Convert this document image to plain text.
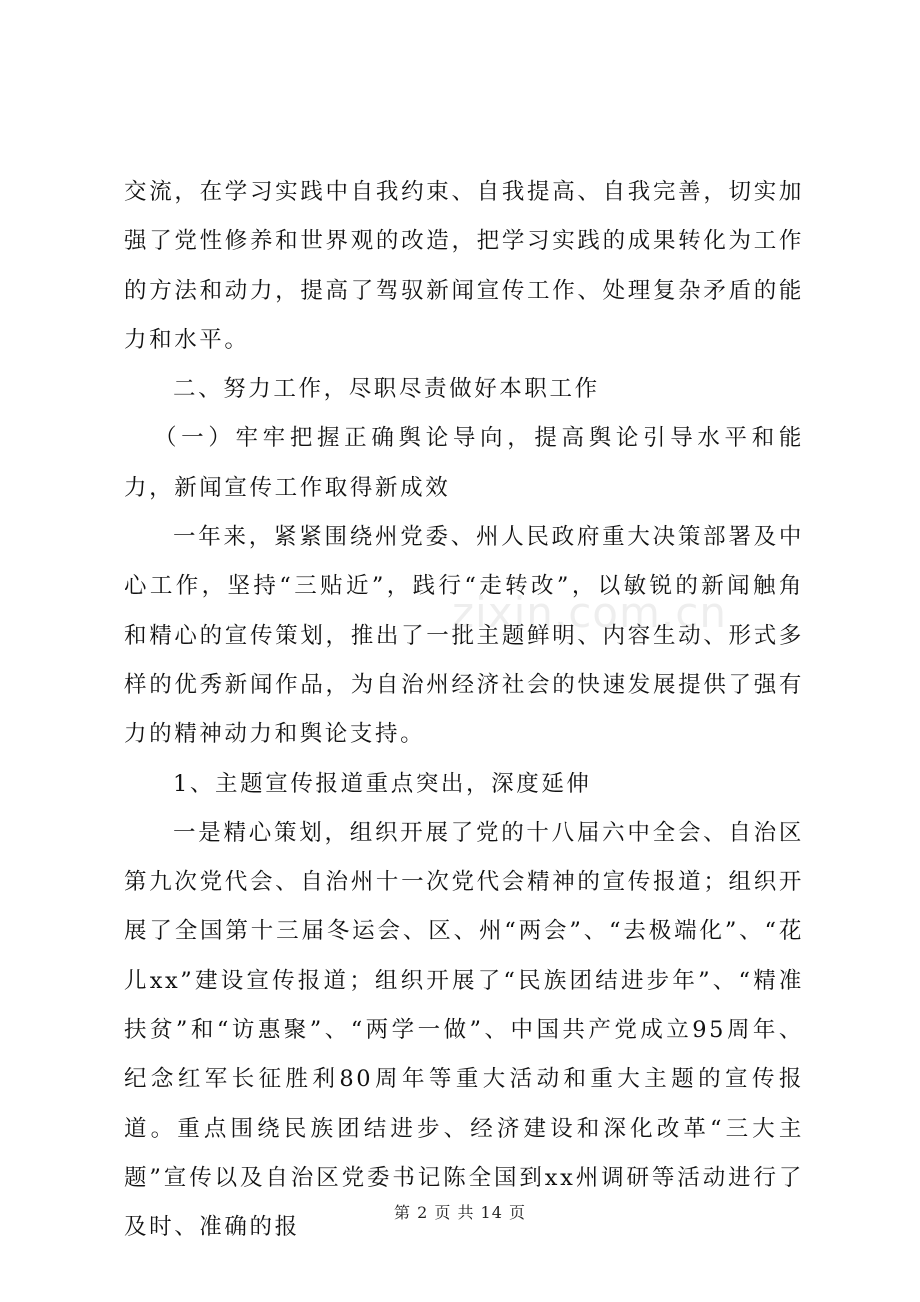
交流，在学习实践中自我约束、自我提高、自我完善，切实加强了党性修养和世界观的改造，把学习实践的成果转化为工作的方法和动力，提高了驾驭新闻宣传工作、处理复杂矛盾的能力和水平。

二、努力工作，尽职尽责做好本职工作

（一）牢牢把握正确舆论导向，提高舆论引导水平和能力，新闻宣传工作取得新成效

一年来，紧紧围绕州党委、州人民政府重大决策部署及中心工作，坚持“三贴近”，践行“走转改”，以敏锐的新闻触角和精心的宣传策划，推出了一批主题鲜明、内容生动、形式多样的优秀新闻作品，为自治州经济社会的快速发展提供了强有力的精神动力和舆论支持。

1、主题宣传报道重点突出，深度延伸

一是精心策划，组织开展了党的十八届六中全会、自治区第九次党代会、自治州十一次党代会精神的宣传报道；组织开展了全国第十三届冬运会、区、州“两会”、“去极端化”、“花儿xx”建设宣传报道；组织开展了“民族团结进步年”、“精准扶贫”和“访惠聚”、“两学一做”、中国共产党成立95周年、纪念红军长征胜利80周年等重大活动和重大主题的宣传报道。重点围绕民族团结进步、经济建设和深化改革“三大主题”宣传以及自治区党委书记陈全国到xx州调研等活动进行了及时、准确的报

zixin.com.cn
第 2 页 共 14 页
